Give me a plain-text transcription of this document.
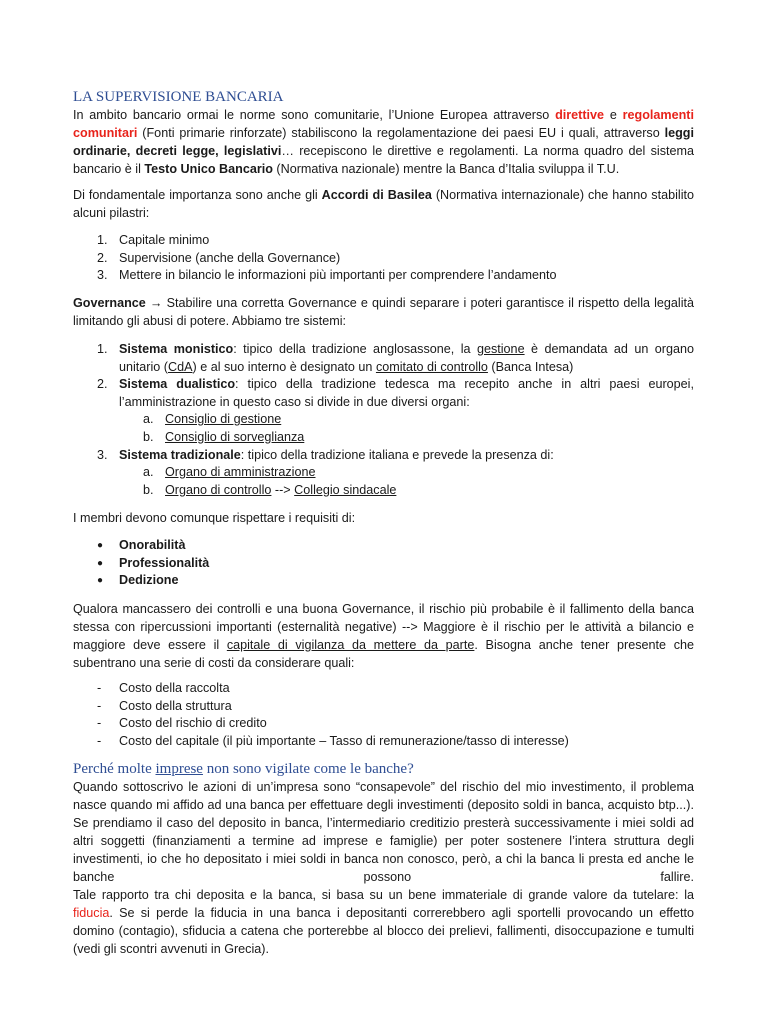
LA SUPERVISIONE BANCARIA

In ambito bancario ormai le norme sono comunitarie, l’Unione Europea attraverso direttive e regolamenti comunitari (Fonti primarie rinforzate) stabiliscono la regolamentazione dei paesi EU i quali, attraverso leggi ordinarie, decreti legge, legislativi… recepiscono le direttive e regolamenti. La norma quadro del sistema bancario è il Testo Unico Bancario (Normativa nazionale) mentre la Banca d’Italia sviluppa il T.U.

Di fondamentale importanza sono anche gli Accordi di Basilea (Normativa internazionale) che hanno stabilito alcuni pilastri:

1. Capitale minimo
2. Supervisione (anche della Governance)
3. Mettere in bilancio le informazioni più importanti per comprendere l’andamento

Governance → Stabilire una corretta Governance e quindi separare i poteri garantisce il rispetto della legalità limitando gli abusi di potere. Abbiamo tre sistemi:

1. Sistema monistico: tipico della tradizione anglosassone, la gestione è demandata ad un organo unitario (CdA) e al suo interno è designato un comitato di controllo (Banca Intesa)
2. Sistema dualistico: tipico della tradizione tedesca ma recepito anche in altri paesi europei, l’amministrazione in questo caso si divide in due diversi organi:
a. Consiglio di gestione
b. Consiglio di sorveglianza
3. Sistema tradizionale: tipico della tradizione italiana e prevede la presenza di:
a. Organo di amministrazione
b. Organo di controllo --> Collegio sindacale

I membri devono comunque rispettare i requisiti di:

● Onorabilità
● Professionalità
● Dedizione

Qualora mancassero dei controlli e una buona Governance, il rischio più probabile è il fallimento della banca stessa con ripercussioni importanti (esternalità negative) --> Maggiore è il rischio per le attività a bilancio e maggiore deve essere il capitale di vigilanza da mettere da parte. Bisogna anche tener presente che subentrano una serie di costi da considerare quali:

- Costo della raccolta
- Costo della struttura
- Costo del rischio di credito
- Costo del capitale (il più importante – Tasso di remunerazione/tasso di interesse)
Perché molte imprese non sono vigilate come le banche?

Quando sottoscrivo le azioni di un’impresa sono “consapevole” del rischio del mio investimento, il problema nasce quando mi affido ad una banca per effettuare degli investimenti (deposito soldi in banca, acquisto btp...). Se prendiamo il caso del deposito in banca, l’intermediario creditizio presterà successivamente i miei soldi ad altri soggetti (finanziamenti a termine ad imprese e famiglie) per poter sostenere l’intera struttura degli investimenti, io che ho depositato i miei soldi in banca non conosco, però, a chi la banca li presta ed anche le banche possono fallire.

Tale rapporto tra chi deposita e la banca, si basa su un bene immateriale di grande valore da tutelare: la fiducia. Se si perde la fiducia in una banca i depositanti correrebbero agli sportelli provocando un effetto domino (contagio), sfiducia a catena che porterebbe al blocco dei prelievi, fallimenti, disoccupazione e tumulti (vedi gli scontri avvenuti in Grecia).
